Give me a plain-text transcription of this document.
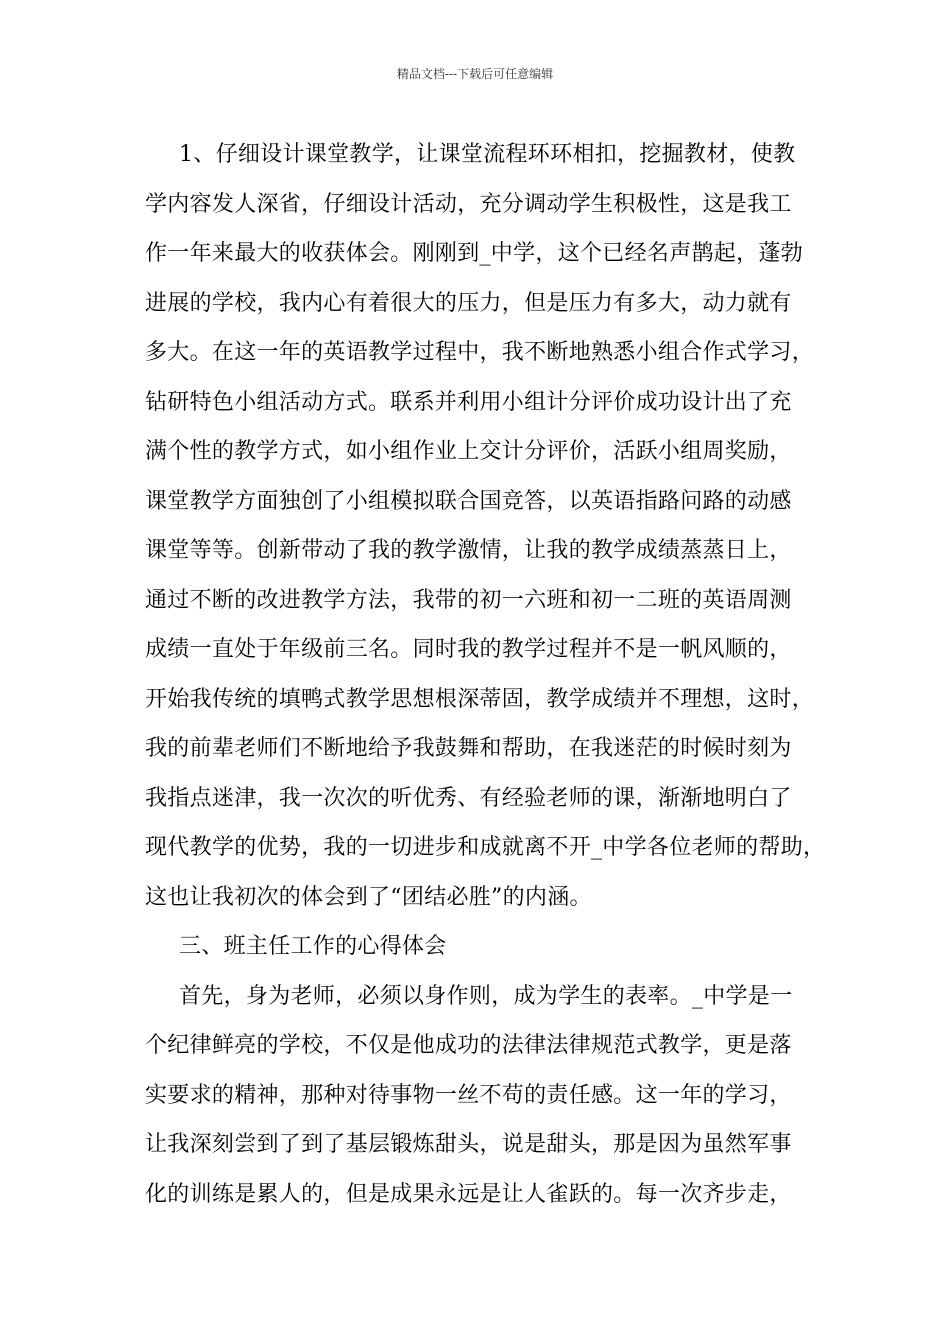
精品文档---下载后可任意编辑
1、仔细设计课堂教学，让课堂流程环环相扣，挖掘教材，使教
学内容发人深省，仔细设计活动，充分调动学生积极性，这是我工
作一年来最大的收获体会。刚刚到_中学，这个已经名声鹊起，蓬勃
进展的学校，我内心有着很大的压力，但是压力有多大，动力就有
多大。在这一年的英语教学过程中，我不断地熟悉小组合作式学习，
钻研特色小组活动方式。联系并利用小组计分评价成功设计出了充
满个性的教学方式，如小组作业上交计分评价，活跃小组周奖励，
课堂教学方面独创了小组模拟联合国竞答，以英语指路问路的动感
课堂等等。创新带动了我的教学激情，让我的教学成绩蒸蒸日上，
通过不断的改进教学方法，我带的初一六班和初一二班的英语周测
成绩一直处于年级前三名。同时我的教学过程并不是一帆风顺的，
开始我传统的填鸭式教学思想根深蒂固，教学成绩并不理想，这时，
我的前辈老师们不断地给予我鼓舞和帮助，在我迷茫的时候时刻为
我指点迷津，我一次次的听优秀、有经验老师的课，渐渐地明白了
现代教学的优势，我的一切进步和成就离不开_中学各位老师的帮助，
这也让我初次的体会到了“团结必胜”的内涵。
三、班主任工作的心得体会
首先，身为老师，必须以身作则，成为学生的表率。_中学是一
个纪律鲜亮的学校，不仅是他成功的法律法律规范式教学，更是落
实要求的精神，那种对待事物一丝不苟的责任感。这一年的学习，
让我深刻尝到了到了基层锻炼甜头，说是甜头，那是因为虽然军事
化的训练是累人的，但是成果永远是让人雀跃的。每一次齐步走，
